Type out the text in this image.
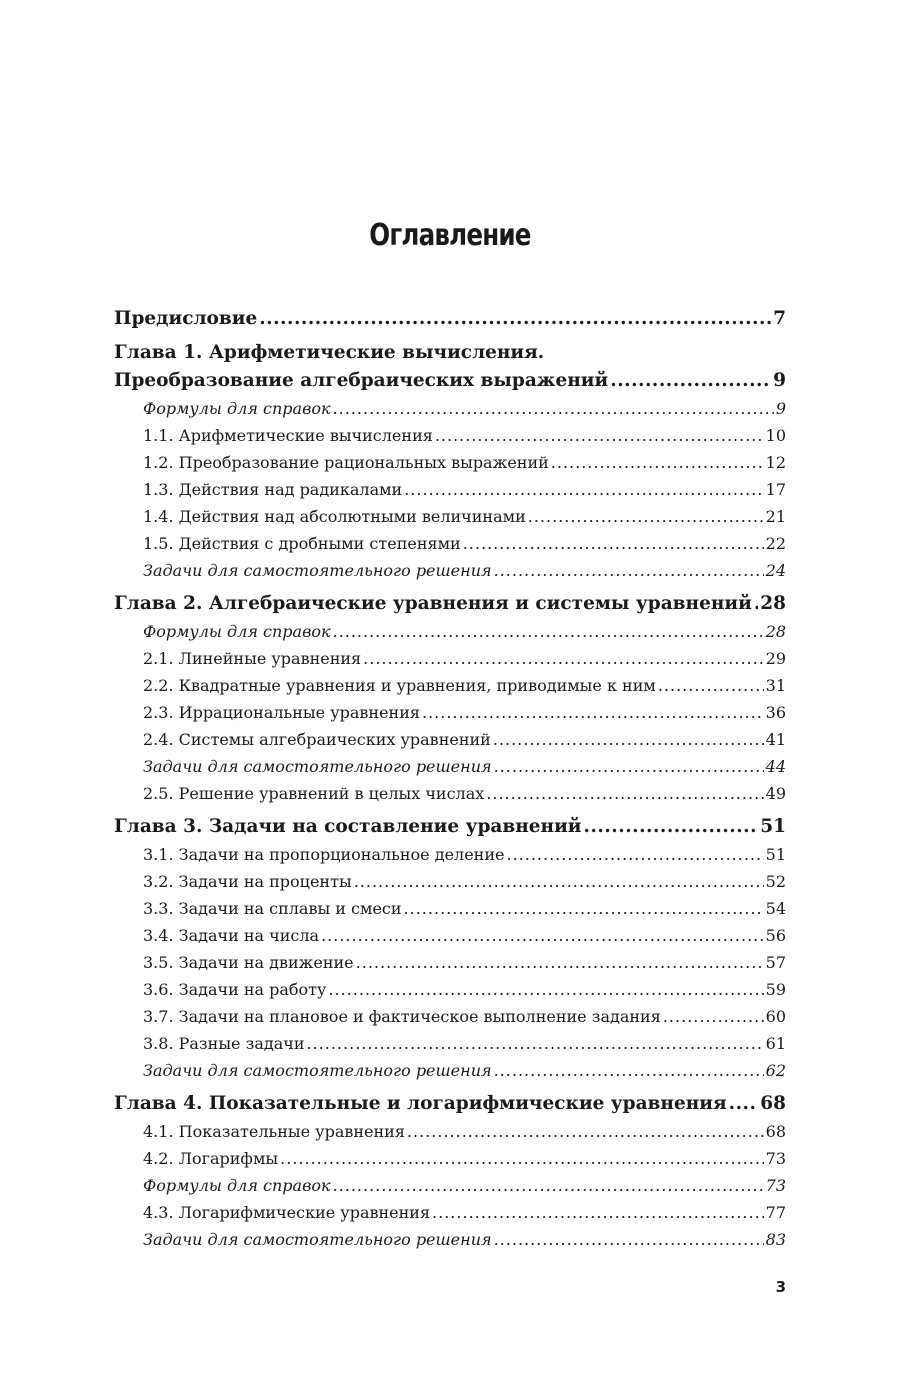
Оглавление
Предисловие .....	7
Глава 1. Арифметические вычисления.
Преобразование алгебраических выражений .....	9
Формулы для справок .....	9
1.1. Арифметические вычисления .....	10
1.2. Преобразование рациональных выражений .....	12
1.3. Действия над радикалами .....	17
1.4. Действия над абсолютными величинами .....	21
1.5. Действия с дробными степенями .....	22
Задачи для самостоятельного решения .....	24
Глава 2. Алгебраические уравнения и системы уравнений ..... 28
Формулы для справок .....	28
2.1. Линейные уравнения .....	29
2.2. Квадратные уравнения и уравнения, приводимые к ним .....	31
2.3. Иррациональные уравнения .....	36
2.4. Системы алгебраических уравнений .....	41
Задачи для самостоятельного решения .....	44
2.5. Решение уравнений в целых числах .....	49
Глава 3. Задачи на составление уравнений .....	51
3.1. Задачи на пропорциональное деление .....	51
3.2. Задачи на проценты .....	52
3.3. Задачи на сплавы и смеси .....	54
3.4. Задачи на числа .....	56
3.5. Задачи на движение .....	57
3.6. Задачи на работу .....	59
3.7. Задачи на плановое и фактическое выполнение задания .....	60
3.8. Разные задачи .....	61
Задачи для самостоятельного решения .....	62
Глава 4. Показательные и логарифмические уравнения ..... 68
4.1. Показательные уравнения .....	68
4.2. Логарифмы .....	73
Формулы для справок .....	73
4.3. Логарифмические уравнения .....	77
Задачи для самостоятельного решения .....	83
3
